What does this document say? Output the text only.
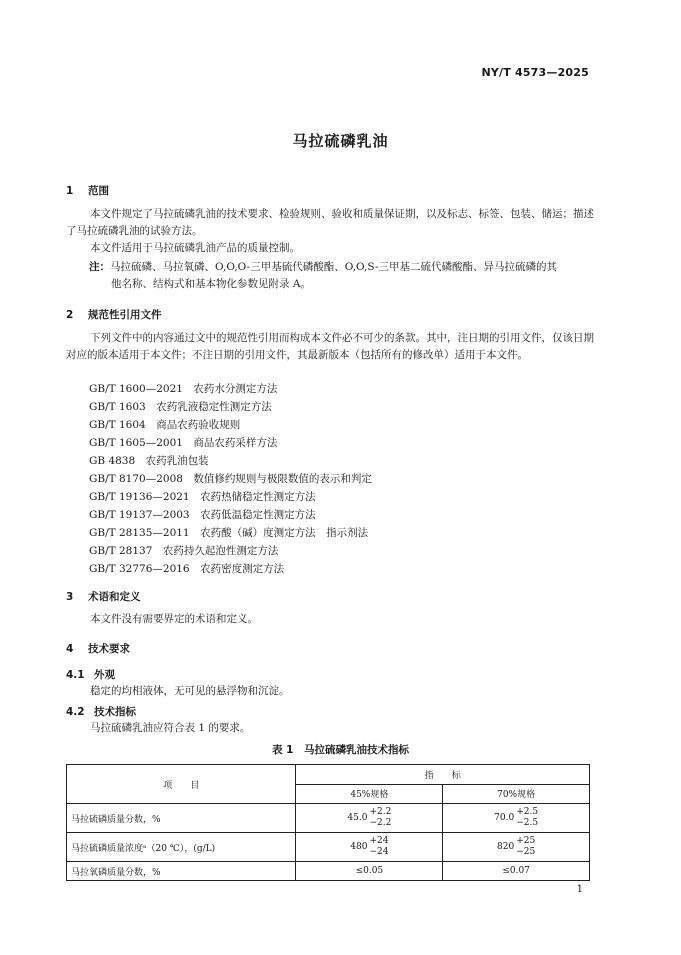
NY/T 4573—2025
马拉硫磷乳油
1 范围
本文件规定了马拉硫磷乳油的技术要求、检验规则、验收和质量保证期，以及标志、标签、包装、储运；描述了马拉硫磷乳油的试验方法。
本文件适用于马拉硫磷乳油产品的质量控制。
注：马拉硫磷、马拉氧磷、O,O,O-三甲基硫代磷酸酯、O,O,S-三甲基二硫代磷酸酯、异马拉硫磷的其
他名称、结构式和基本物化参数见附录 A。
2 规范性引用文件
下列文件中的内容通过文中的规范性引用而构成本文件必不可少的条款。其中，注日期的引用文件，仅该日期对应的版本适用于本文件；不注日期的引用文件，其最新版本（包括所有的修改单）适用于本文件。
GB/T 1600—2021　农药水分测定方法
GB/T 1603　农药乳液稳定性测定方法
GB/T 1604　商品农药验收规则
GB/T 1605—2001　商品农药采样方法
GB 4838　农药乳油包装
GB/T 8170—2008　数值修约规则与极限数值的表示和判定
GB/T 19136—2021　农药热储稳定性测定方法
GB/T 19137—2003　农药低温稳定性测定方法
GB/T 28135—2011　农药酸（碱）度测定方法　指示剂法
GB/T 28137　农药持久起泡性测定方法
GB/T 32776—2016　农药密度测定方法
3 术语和定义
本文件没有需要界定的术语和定义。
4 技术要求
4.1 外观
稳定的均相液体，无可见的悬浮物和沉淀。
4.2 技术指标
马拉硫磷乳油应符合表 1 的要求。
表 1　马拉硫磷乳油技术指标
项　　目	指　　标	
	45%规格	70%规格
马拉硫磷质量分数，%	45.0
+2.2
−2.2	70.0
+2.5
−2.5

马拉硫磷质量浓度ᵃ（20 ℃），(g/L)	480
+24
−24	820
+25
−25

马拉氧磷质量分数，%	≤0.05	≤0.07
1
